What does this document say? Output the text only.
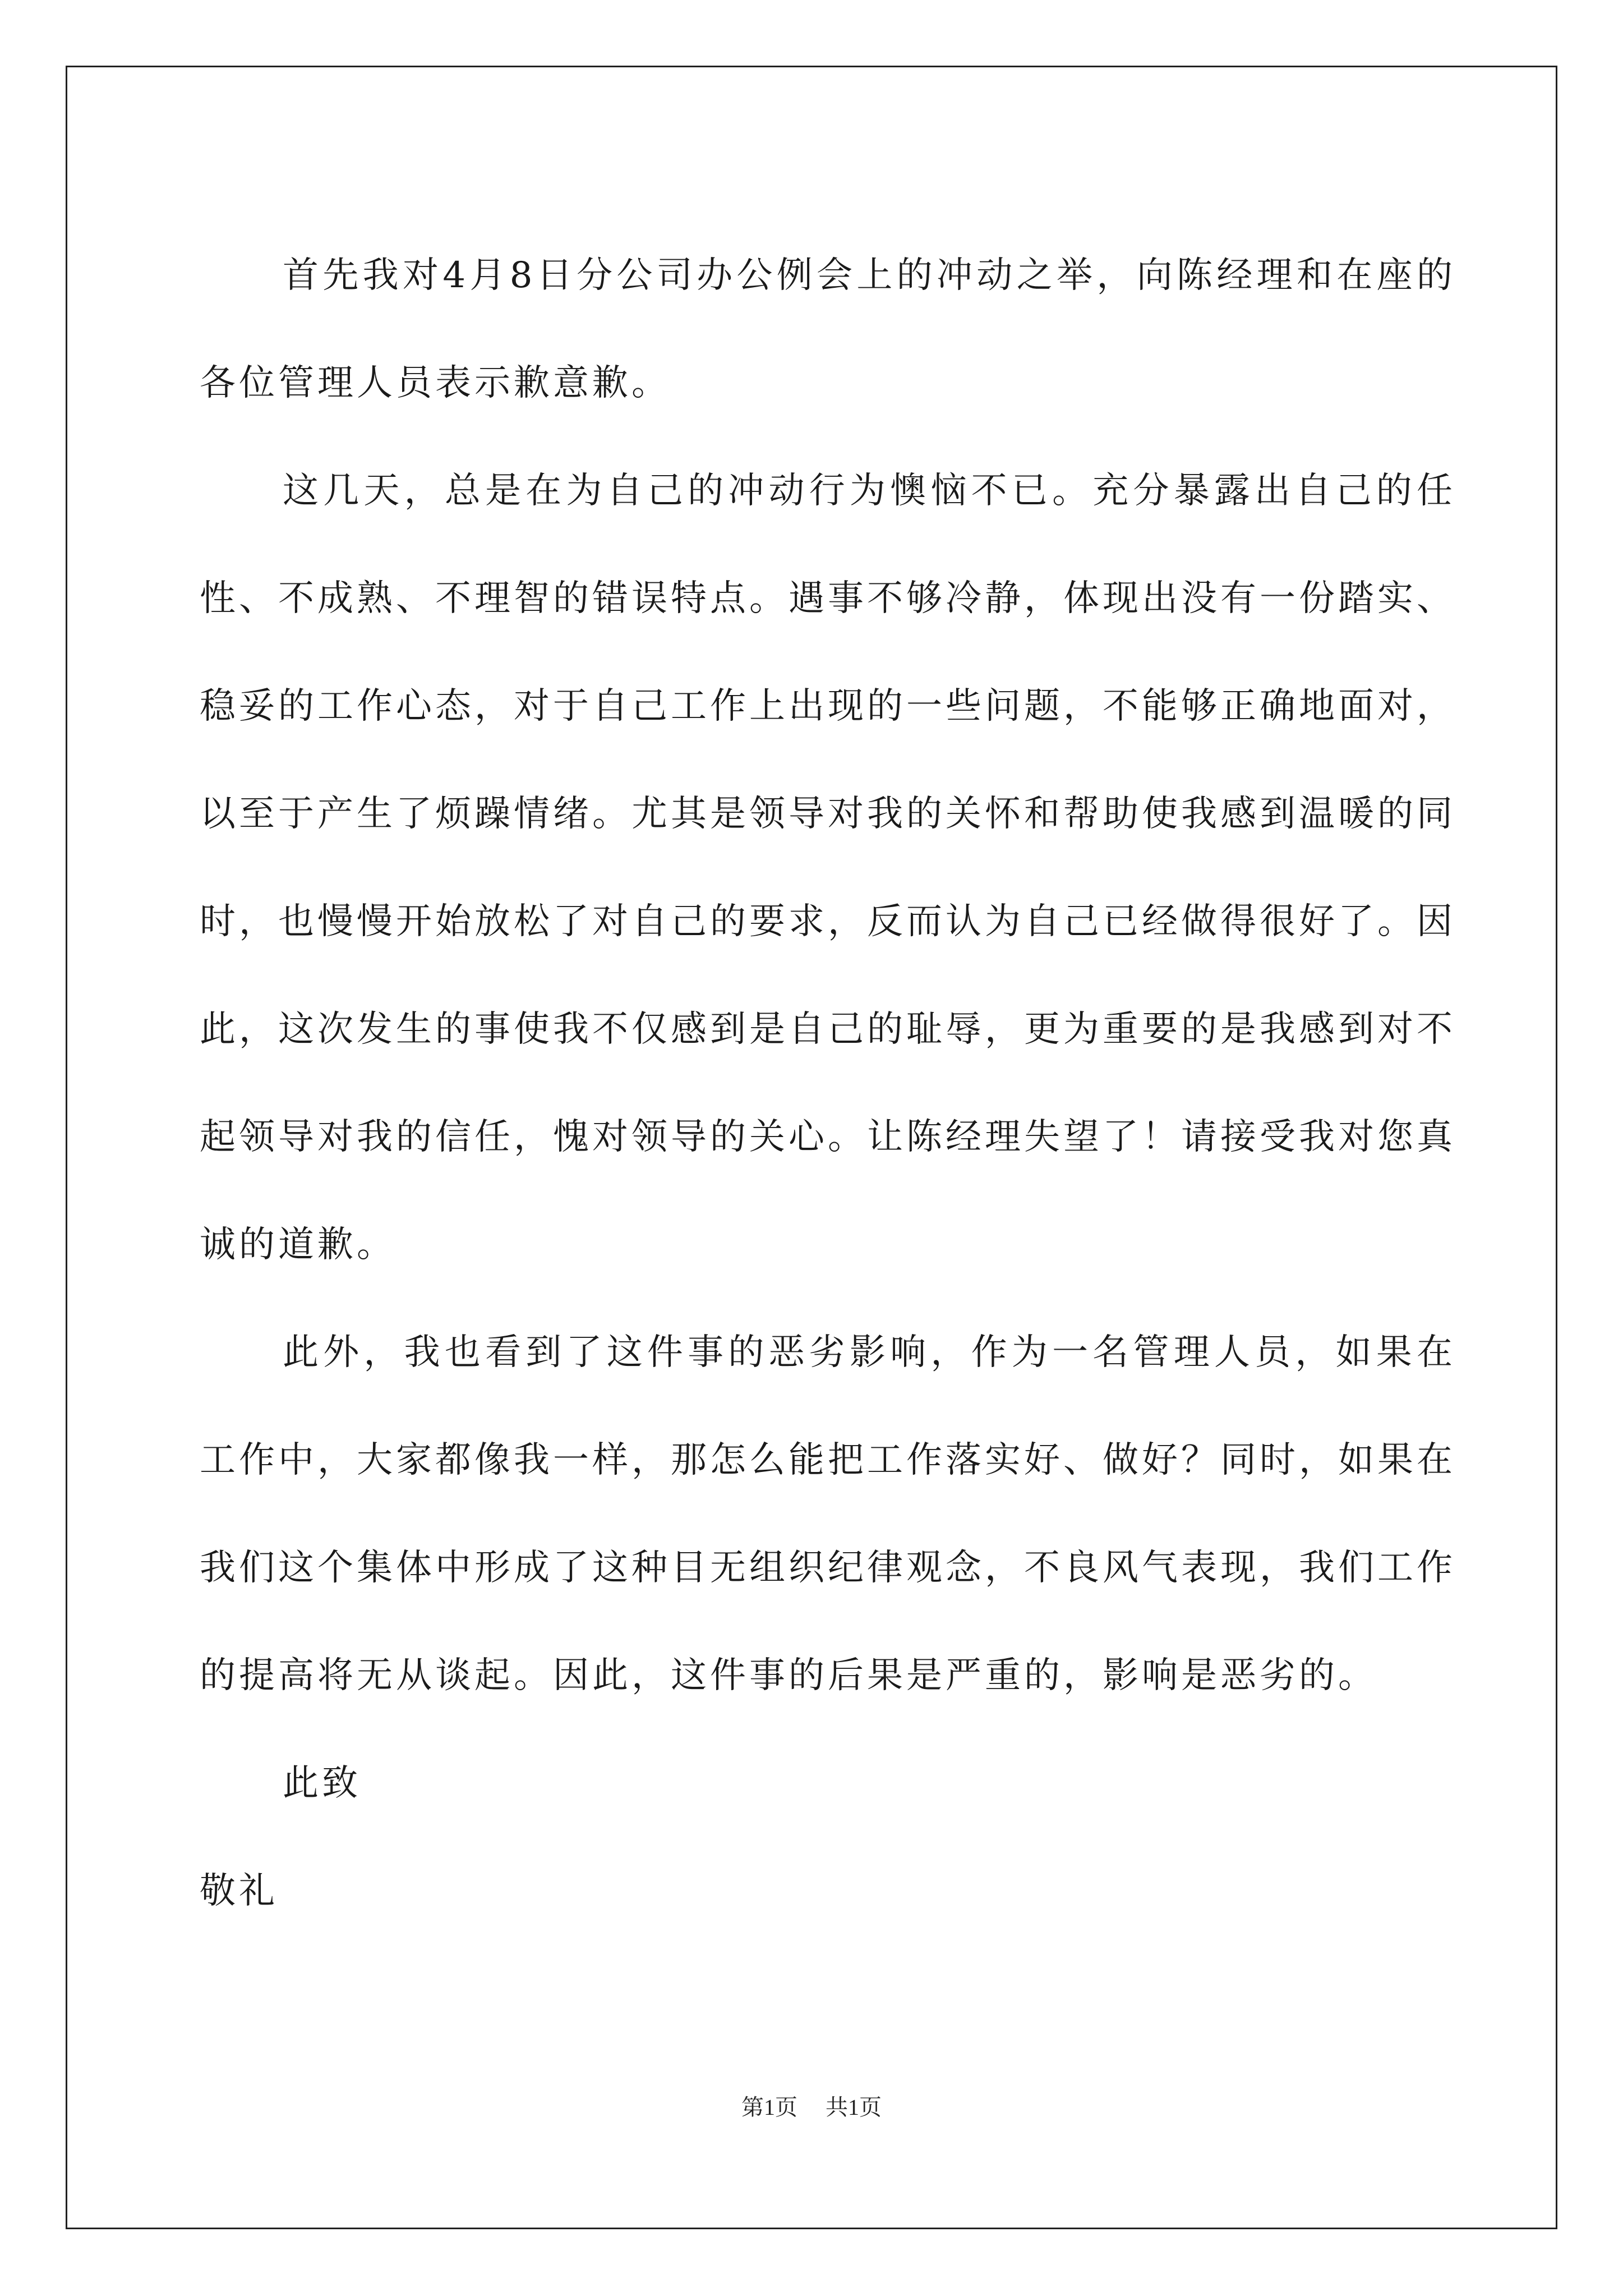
首先我对4月8日分公司办公例会上的冲动之举，向陈经理和在座的各位管理人员表示歉意歉。

这几天，总是在为自己的冲动行为懊恼不已。充分暴露出自己的任性、不成熟、不理智的错误特点。遇事不够冷静，体现出没有一份踏实、稳妥的工作心态，对于自己工作上出现的一些问题，不能够正确地面对，以至于产生了烦躁情绪。尤其是领导对我的关怀和帮助使我感到温暖的同时，也慢慢开始放松了对自己的要求，反而认为自己已经做得很好了。因此，这次发生的事使我不仅感到是自己的耻辱，更为重要的是我感到对不起领导对我的信任，愧对领导的关心。让陈经理失望了！请接受我对您真诚的道歉。

此外，我也看到了这件事的恶劣影响，作为一名管理人员，如果在工作中，大家都像我一样，那怎么能把工作落实好、做好？同时，如果在我们这个集体中形成了这种目无组织纪律观念，不良风气表现，我们工作的提高将无从谈起。因此，这件事的后果是严重的，影响是恶劣的。

此致

敬礼

第1页 共1页
